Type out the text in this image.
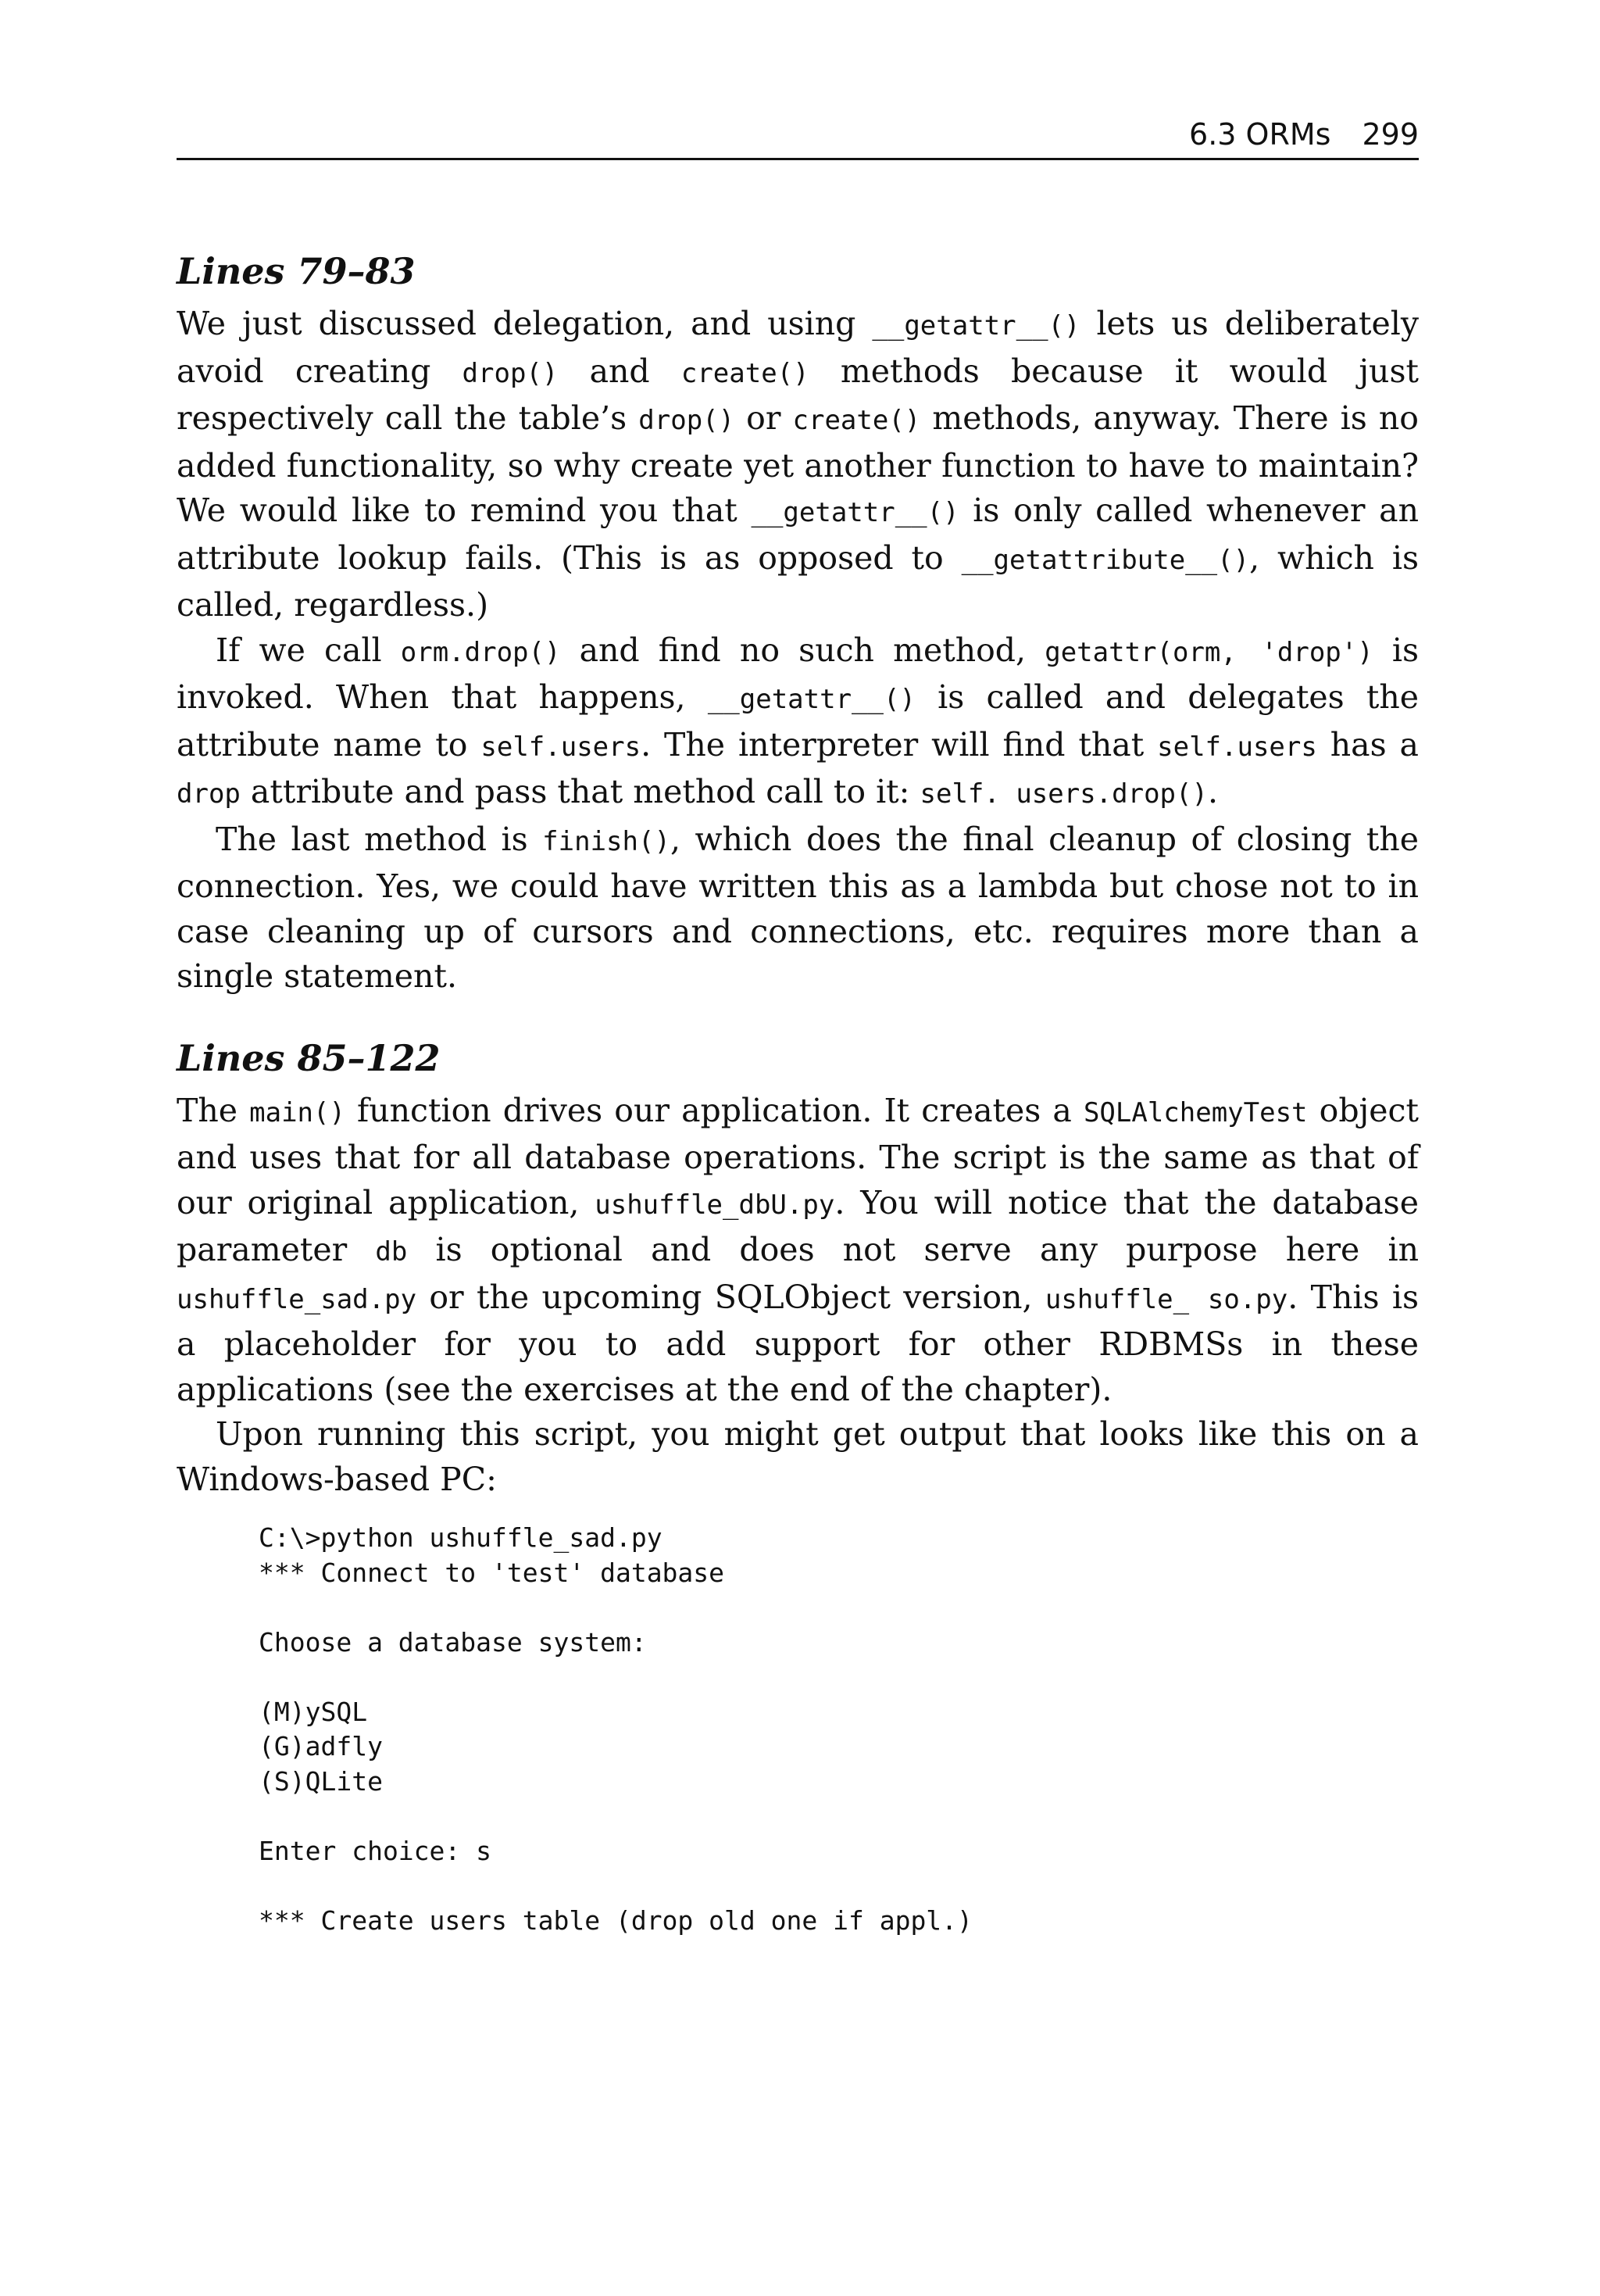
6.3 ORMs 299
Lines 79–83

We just discussed delegation, and using __getattr__() lets us deliberately avoid creating drop() and create() methods because it would just respectively call the table’s drop() or create() methods, anyway. There is no added functionality, so why create yet another function to have to maintain? We would like to remind you that __getattr__() is only called whenever an attribute lookup fails. (This is as opposed to __getattribute__(), which is called, regardless.)

If we call orm.drop() and find no such method, getattr(orm, 'drop') is invoked. When that happens, __getattr__() is called and delegates the attribute name to self.users. The interpreter will find that self.users has a drop attribute and pass that method call to it: self. users.drop().

The last method is finish(), which does the final cleanup of closing the connection. Yes, we could have written this as a lambda but chose not to in case cleaning up of cursors and connections, etc. requires more than a single statement.

Lines 85–122

The main() function drives our application. It creates a SQLAlchemyTest object and uses that for all database operations. The script is the same as that of our original application, ushuffle_dbU.py. You will notice that the database parameter db is optional and does not serve any purpose here in ushuffle_sad.py or the upcoming SQLObject version, ushuffle_ so.py. This is a placeholder for you to add support for other RDBMSs in these applications (see the exercises at the end of the chapter).

Upon running this script, you might get output that looks like this on a Windows-based PC:

C:\>python ushuffle_sad.py
*** Connect to 'test' database
Choose a database system:
(M)ySQL
(G)adfly
(S)QLite
Enter choice: s
*** Create users table (drop old one if appl.)
